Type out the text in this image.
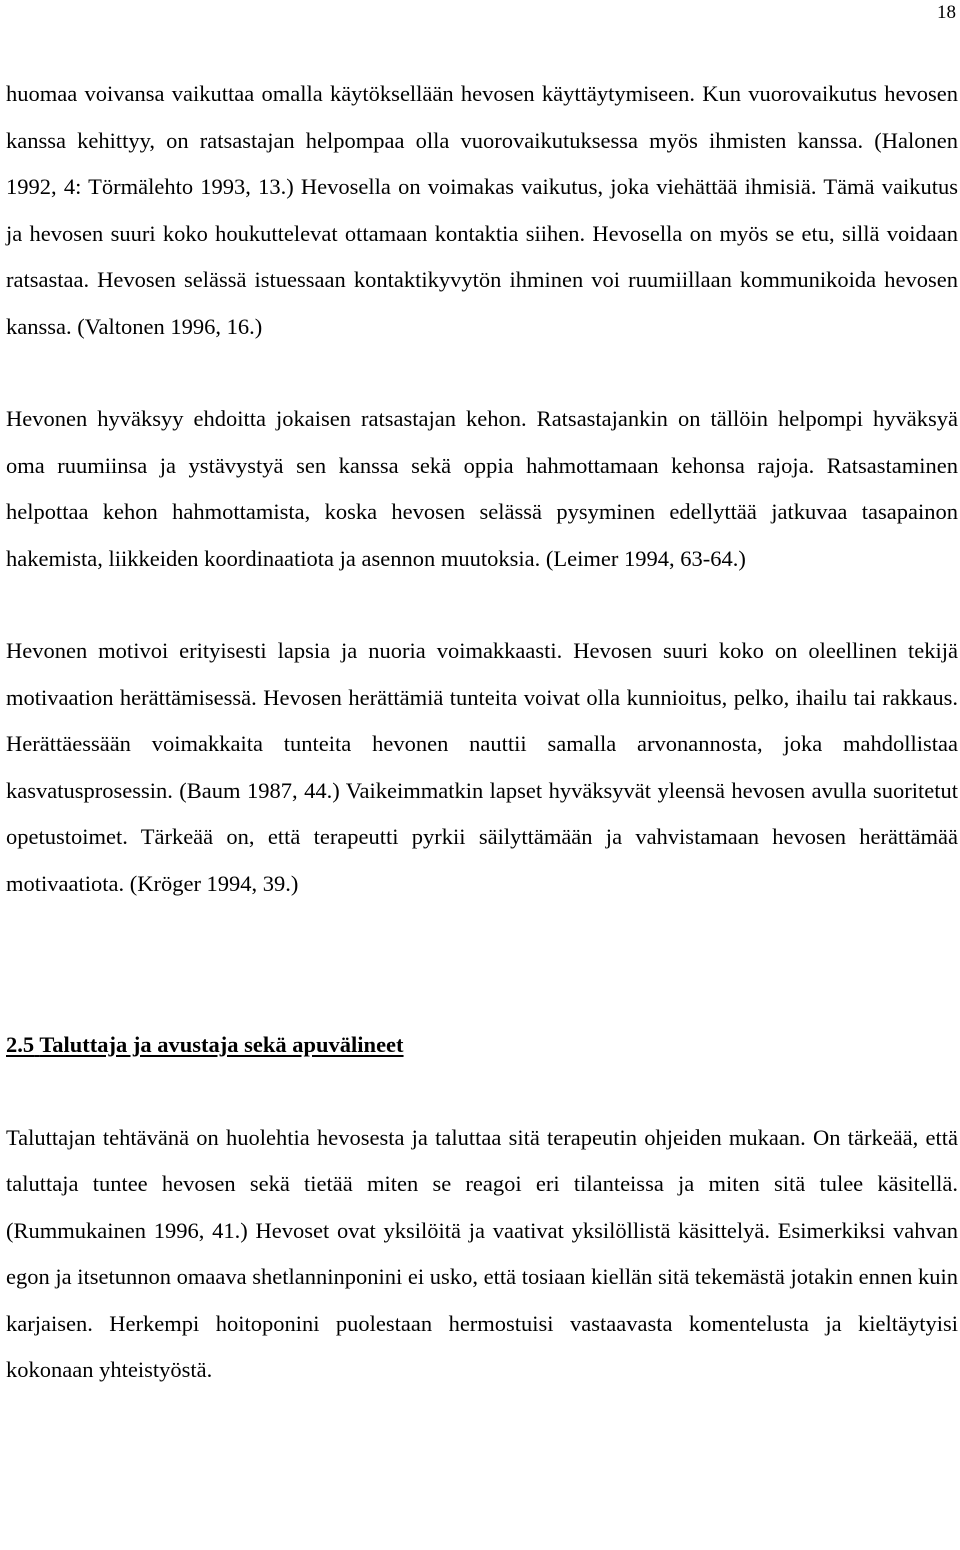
18

huomaa voivansa vaikuttaa omalla käytöksellään hevosen käyttäytymiseen. Kun vuorovaikutus hevosen kanssa kehittyy, on ratsastajan helpompaa olla vuorovaikutuksessa myös ihmisten kanssa. (Halonen 1992, 4: Törmälehto 1993, 13.) Hevosella on voimakas vaikutus, joka viehättää ihmisiä. Tämä vaikutus ja hevosen suuri koko houkuttelevat ottamaan kontaktia siihen. Hevosella on myös se etu, sillä voidaan ratsastaa. Hevosen selässä istuessaan kontaktikyvytön ihminen voi ruumiillaan kommunikoida hevosen kanssa. (Valtonen 1996, 16.)

Hevonen hyväksyy ehdoitta jokaisen ratsastajan kehon. Ratsastajankin on tällöin helpompi hyväksyä oma ruumiinsa ja ystävystyä sen kanssa sekä oppia hahmottamaan kehonsa rajoja. Ratsastaminen helpottaa kehon hahmottamista, koska hevosen selässä pysyminen edellyttää jatkuvaa tasapainon hakemista, liikkeiden koordinaatiota ja asennon muutoksia. (Leimer 1994, 63-64.)

Hevonen motivoi erityisesti lapsia ja nuoria voimakkaasti. Hevosen suuri koko on oleellinen tekijä motivaation herättämisessä. Hevosen herättämiä tunteita voivat olla kunnioitus, pelko, ihailu tai rakkaus. Herättäessään voimakkaita tunteita hevonen nauttii samalla arvonannosta, joka mahdollistaa kasvatusprosessin. (Baum 1987, 44.) Vaikeimmatkin lapset hyväksyvät yleensä hevosen avulla suoritetut opetustoimet. Tärkeää on, että terapeutti pyrkii säilyttämään ja vahvistamaan hevosen herättämää motivaatiota. (Kröger 1994, 39.)

2.5 Taluttaja ja avustaja sekä apuvälineet

Taluttajan tehtävänä on huolehtia hevosesta ja taluttaa sitä terapeutin ohjeiden mukaan. On tärkeää, että taluttaja tuntee hevosen sekä tietää miten se reagoi eri tilanteissa ja miten sitä tulee käsitellä. (Rummukainen 1996, 41.) Hevoset ovat yksilöitä ja vaativat yksilöllistä käsittelyä. Esimerkiksi vahvan egon ja itsetunnon omaava shetlanninponini ei usko, että tosiaan kiellän sitä tekemästä jotakin ennen kuin karjaisen. Herkempi hoitoponini puolestaan hermostuisi vastaavasta komentelusta ja kieltäytyisi kokonaan yhteistyöstä.
